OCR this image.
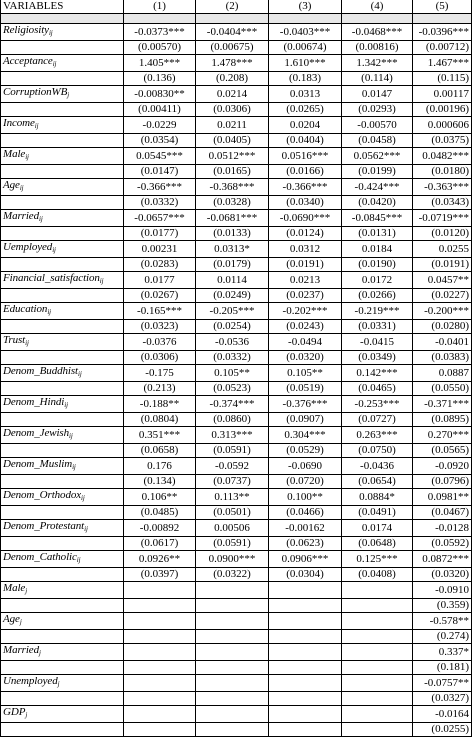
VARIABLES	(1)	(2)	(3)	(4)	(5)

Religiosity$_{ij}$	-0.0373***	-0.0404***	-0.0403***	-0.0468***	-0.0396***
	(0.00570)	(0.00675)	(0.00674)	(0.00816)	(0.00712)
Acceptance$_{ij}$	1.405***	1.478***	1.610***	1.342***	1.467***
	(0.136)	(0.208)	(0.183)	(0.114)	(0.115)
CorruptionWB$_j$	-0.00830**	0.0214	0.0313	0.0147	0.00117
	(0.00411)	(0.0306)	(0.0265)	(0.0293)	(0.00196)
Income$_{ij}$	-0.0229	0.0211	0.0204	-0.00570	0.000606
	(0.0354)	(0.0405)	(0.0404)	(0.0458)	(0.0375)
Male$_{ij}$	0.0545***	0.0512***	0.0516***	0.0562***	0.0482***
	(0.0147)	(0.0165)	(0.0166)	(0.0199)	(0.0180)
Age$_{ij}$	-0.366***	-0.368***	-0.366***	-0.424***	-0.363***
	(0.0332)	(0.0328)	(0.0340)	(0.0420)	(0.0343)
Married$_{ij}$	-0.0657***	-0.0681***	-0.0690***	-0.0845***	-0.0719***
	(0.0177)	(0.0133)	(0.0124)	(0.0131)	(0.0120)
Uemployed$_{ij}$	0.00231	0.0313*	0.0312	0.0184	0.0255
	(0.0283)	(0.0179)	(0.0191)	(0.0190)	(0.0191)
Financial_satisfaction$_{ij}$	0.0177	0.0114	0.0213	0.0172	0.0457**
	(0.0267)	(0.0249)	(0.0237)	(0.0266)	(0.0227)
Education$_{ij}$	-0.165***	-0.205***	-0.202***	-0.219***	-0.200***
	(0.0323)	(0.0254)	(0.0243)	(0.0331)	(0.0280)
Trust$_{ij}$	-0.0376	-0.0536	-0.0494	-0.0415	-0.0401
	(0.0306)	(0.0332)	(0.0320)	(0.0349)	(0.0383)
Denom_Buddhist$_{ij}$	-0.175	0.105**	0.105**	0.142***	0.0887
	(0.213)	(0.0523)	(0.0519)	(0.0465)	(0.0550)
Denom_Hindi$_{ij}$	-0.188**	-0.374***	-0.376***	-0.253***	-0.371***
	(0.0804)	(0.0860)	(0.0907)	(0.0727)	(0.0895)
Denom_Jewish$_{ij}$	0.351***	0.313***	0.304***	0.263***	0.270***
	(0.0658)	(0.0591)	(0.0529)	(0.0750)	(0.0565)
Denom_Muslim$_{ij}$	0.176	-0.0592	-0.0690	-0.0436	-0.0920
	(0.134)	(0.0737)	(0.0720)	(0.0654)	(0.0796)
Denom_Orthodox$_{ij}$	0.106**	0.113**	0.100**	0.0884*	0.0981**
	(0.0485)	(0.0501)	(0.0466)	(0.0491)	(0.0467)
Denom_Protestant$_{ij}$	-0.00892	0.00506	-0.00162	0.0174	-0.0128
	(0.0617)	(0.0591)	(0.0623)	(0.0648)	(0.0592)
Denom_Catholic$_{ij}$	0.0926**	0.0900***	0.0906***	0.125***	0.0872***
	(0.0397)	(0.0322)	(0.0304)	(0.0408)	(0.0320)
Male$_j$					-0.0910
					(0.359)
Age$_j$					-0.578**
					(0.274)
Married$_j$					0.337*
					(0.181)
Unemployed$_j$					-0.0757**
					(0.0327)
$GDP_j$					-0.0164
					(0.0255)
